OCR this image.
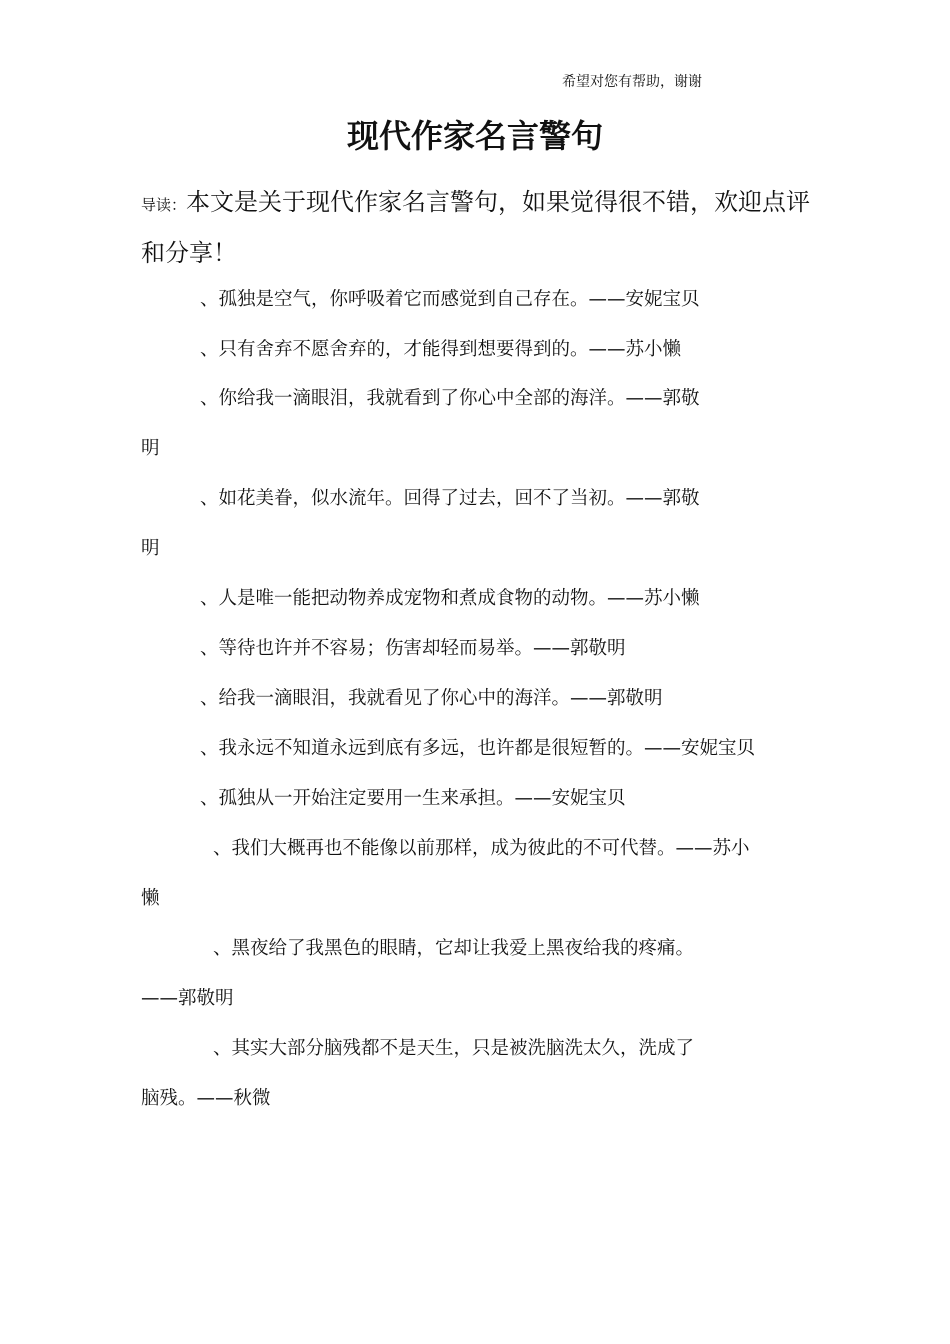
希望对您有帮助，谢谢
现代作家名言警句
导读：本文是关于现代作家名言警句，如果觉得很不错，欢迎点评和分享！
、孤独是空气，你呼吸着它而感觉到自己存在。——安妮宝贝
、只有舍弃不愿舍弃的，才能得到想要得到的。——苏小懒
、你给我一滴眼泪，我就看到了你心中全部的海洋。——郭敬
明
、如花美眷，似水流年。回得了过去，回不了当初。——郭敬
明
、人是唯一能把动物养成宠物和煮成食物的动物。——苏小懒
、等待也许并不容易；伤害却轻而易举。——郭敬明
、给我一滴眼泪，我就看见了你心中的海洋。——郭敬明
、我永远不知道永远到底有多远，也许都是很短暂的。——安妮宝贝
、孤独从一开始注定要用一生来承担。——安妮宝贝
、我们大概再也不能像以前那样，成为彼此的不可代替。——苏小
懒
、黑夜给了我黑色的眼睛，它却让我爱上黑夜给我的疼痛。
——郭敬明
、其实大部分脑残都不是天生，只是被洗脑洗太久，洗成了
脑残。——秋微
